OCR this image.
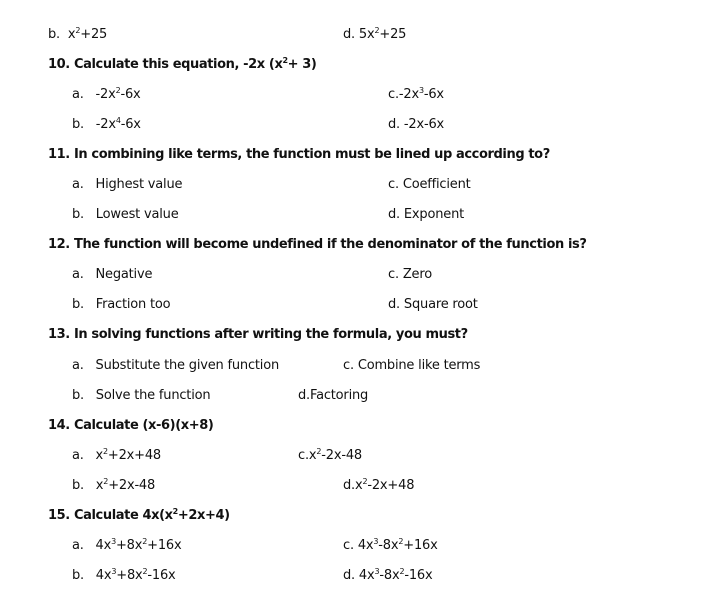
b. $x^2+25$	d. $5x^2+25$
10. Calculate this equation, -2x $(x^2+ 3)$
a. $-2x^2-6x$	$c.-2x^3-6x$
b. $-2x^4-6x$	d. -2x-6x
11. In combining like terms, the function must be lined up according to?
a. Highest value	c. Coefficient
b. Lowest value	d. Exponent
12. The function will become undefined if the denominator of the function is?
a. Negative	c. Zero
b. Fraction too	d. Square root
13. In solving functions after writing the formula, you must?
a. Substitute the given function	c. Combine like terms
b. Solve the function	d.Factoring
14. Calculate (x-6)(x+8)
a. $x^2+2x+48$	$c.x^2-2x-48$
b. $x^2+2x-48$	$d.x^2-2x+48$
15. Calculate $4x(x^2+2x+4)$
a. $4x^3+8x^2+16x$	c. $4x^3-8x^2+16x$
b. $4x^3+8x^2-16x$	d. $4x^3-8x^2-16x$
